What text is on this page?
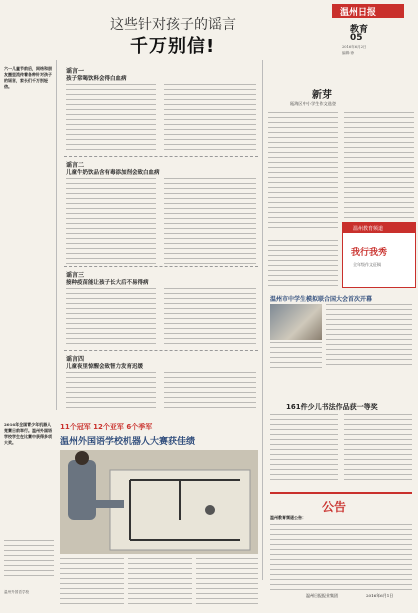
这些针对孩子的谣言
千万别信!
温州日报
教育
05
2016年6月2日
编辑:徐
六一儿童节前后，网络和朋友圈里流传着各种针对孩子的谣言，家长们千万别轻信。
谣言一
孩子常喝饮料会得白血病
谣言二
儿童牛奶饮品含有毒添加剂会致白血病
谣言三
接种疫苗能让孩子长大后不易得病
谣言四
儿童夜里惊醒会致智力发育迟缓
新芽
瓯海区中小学生作文选登
温州教育频道
我行我秀
全年级作文征稿
温州市中学生模拟联合国大会首次开幕
11个冠军 12个亚军 6个季军
温州外国语学校机器人大赛获佳绩
2016年全国青少年机器人竞赛日前举行。温州外国语学校学生在比赛中获得多项大奖。
温州外国语学校
161件少儿书法作品获一等奖
公告
温州教育频道公告：
温州日报报业集团	2016年6月1日
